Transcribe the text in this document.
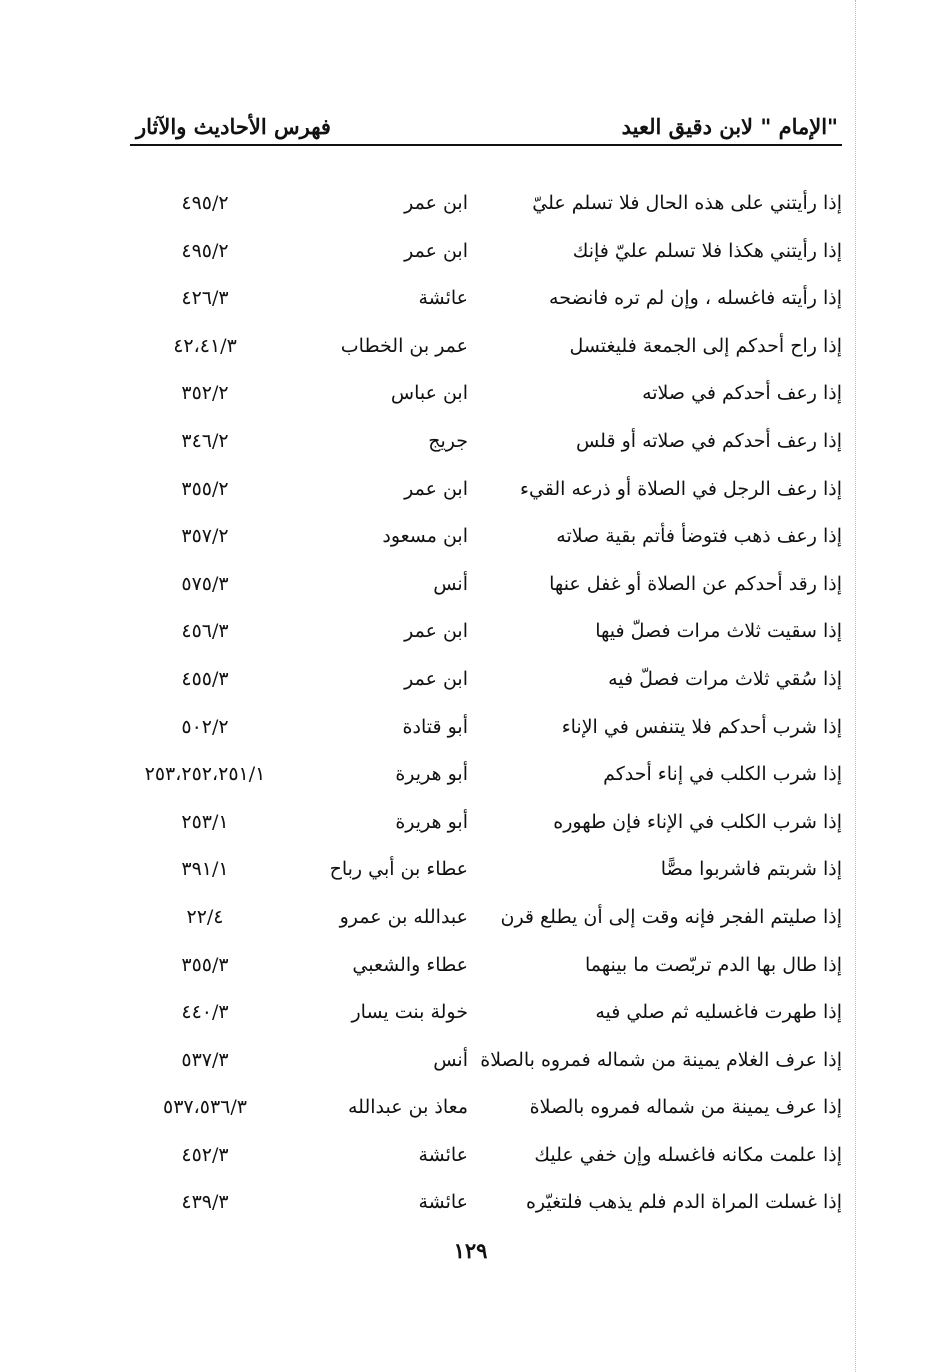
"الإمام " لابن دقيق العيد
فهرس الأحاديث والآثار
إذا رأيتني على هذه الحال فلا تسلم عليّ
ابن عمر
٤٩٥/٢
إذا رأيتني هكذا فلا تسلم عليّ فإنك
ابن عمر
٤٩٥/٢
إذا رأيته فاغسله ، وإن لم تره فانضحه
عائشة
٤٢٦/٣
إذا راح أحدكم إلى الجمعة فليغتسل
عمر بن الخطاب
٤٢،٤١/٣
إذا رعف أحدكم في صلاته
ابن عباس
٣٥٢/٢
إذا رعف أحدكم في صلاته أو قلس
جريج
٣٤٦/٢
إذا رعف الرجل في الصلاة أو ذرعه القيء
ابن عمر
٣٥٥/٢
إذا رعف ذهب فتوضأ فأتم بقية صلاته
ابن مسعود
٣٥٧/٢
إذا رقد أحدكم عن الصلاة أو غفل عنها
أنس
٥٧٥/٣
إذا سقيت ثلاث مرات فصلّ فيها
ابن عمر
٤٥٦/٣
إذا سُقي ثلاث مرات فصلّ فيه
ابن عمر
٤٥٥/٣
إذا شرب أحدكم فلا يتنفس في الإناء
أبو قتادة
٥٠٢/٢
إذا شرب الكلب في إناء أحدكم
أبو هريرة
٢٥٣،٢٥٢،٢٥١/١
إذا شرب الكلب في الإناء فإن طهوره
أبو هريرة
٢٥٣/١
إذا شربتم فاشربوا مصًّا
عطاء بن أبي رباح
٣٩١/١
إذا صليتم الفجر فإنه وقت إلى أن يطلع قرن
عبدالله بن عمرو
٢٢/٤
إذا طال بها الدم تربّصت ما بينهما
عطاء والشعبي
٣٥٥/٣
إذا طهرت فاغسليه ثم صلي فيه
خولة بنت يسار
٤٤٠/٣
إذا عرف الغلام يمينة من شماله فمروه بالصلاة
أنس
٥٣٧/٣
إذا عرف يمينة من شماله فمروه بالصلاة
معاذ بن عبدالله
٥٣٧،٥٣٦/٣
إذا علمت مكانه فاغسله وإن خفي عليك
عائشة
٤٥٢/٣
إذا غسلت المراة الدم فلم يذهب فلتغيّره
عائشة
٤٣٩/٣
١٢٩
